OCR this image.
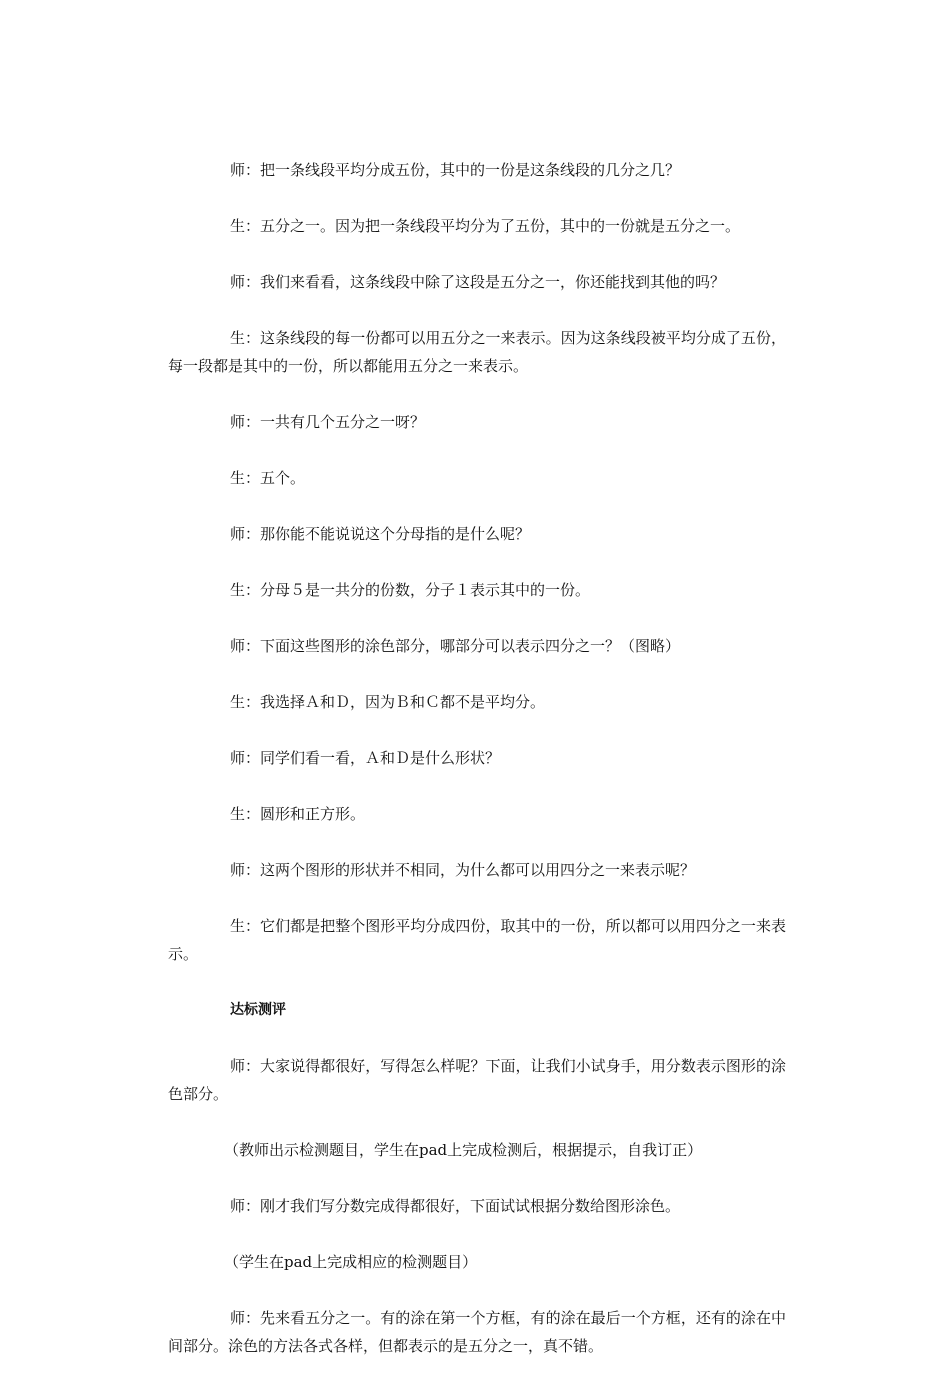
师：把一条线段平均分成五份，其中的一份是这条线段的几分之几？

生：五分之一。因为把一条线段平均分为了五份，其中的一份就是五分之一。

师：我们来看看，这条线段中除了这段是五分之一，你还能找到其他的吗？

生：这条线段的每一份都可以用五分之一来表示。因为这条线段被平均分成了五份，每一段都是其中的一份，所以都能用五分之一来表示。

师：一共有几个五分之一呀？

生：五个。

师：那你能不能说说这个分母指的是什么呢？

生：分母５是一共分的份数，分子１表示其中的一份。

师：下面这些图形的涂色部分，哪部分可以表示四分之一？（图略）

生：我选择Ａ和Ｄ，因为Ｂ和Ｃ都不是平均分。

师：同学们看一看，Ａ和Ｄ是什么形状？

生：圆形和正方形。

师：这两个图形的形状并不相同，为什么都可以用四分之一来表示呢？

生：它们都是把整个图形平均分成四份，取其中的一份，所以都可以用四分之一来表示。

达标测评

师：大家说得都很好，写得怎么样呢？下面，让我们小试身手，用分数表示图形的涂色部分。

（教师出示检测题目，学生在pad上完成检测后，根据提示，自我订正）

师：刚才我们写分数完成得都很好，下面试试根据分数给图形涂色。

（学生在pad上完成相应的检测题目）

师：先来看五分之一。有的涂在第一个方框，有的涂在最后一个方框，还有的涂在中间部分。涂色的方法各式各样，但都表示的是五分之一，真不错。
